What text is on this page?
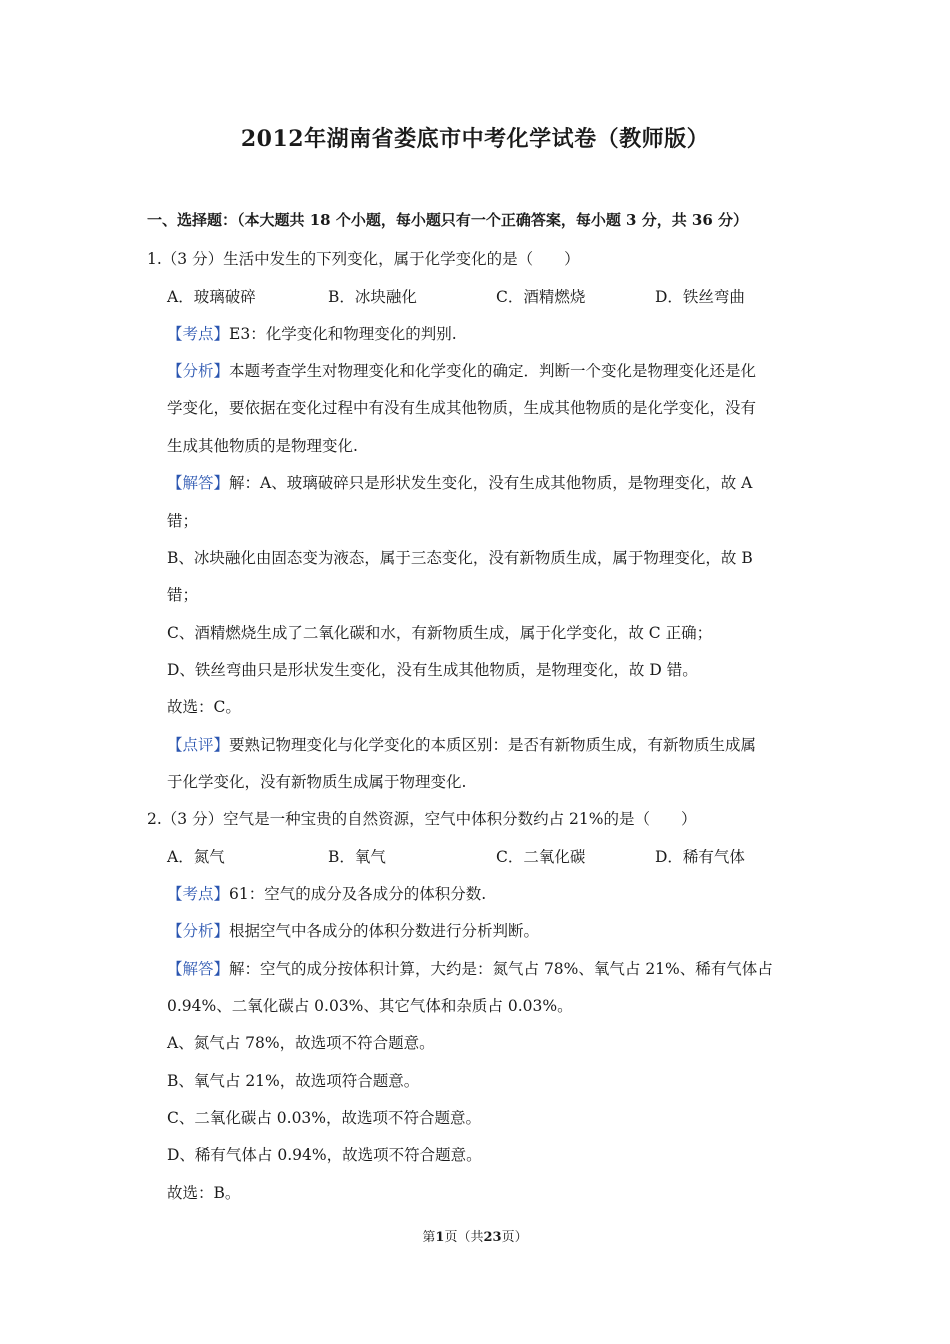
2012年湖南省娄底市中考化学试卷（教师版）
一、选择题：（本大题共 18 个小题，每小题只有一个正确答案，每小题 3 分，共 36 分）
1.（3 分）生活中发生的下列变化，属于化学变化的是（　　）
A．玻璃破碎	B．冰块融化	C．酒精燃烧	D．铁丝弯曲
【考点】E3：化学变化和物理变化的判别.
【分析】本题考查学生对物理变化和化学变化的确定．判断一个变化是物理变化还是化
学变化，要依据在变化过程中有没有生成其他物质，生成其他物质的是化学变化，没有
生成其他物质的是物理变化.
【解答】解：A、玻璃破碎只是形状发生变化，没有生成其他物质，是物理变化，故 A
错；
B、冰块融化由固态变为液态，属于三态变化，没有新物质生成，属于物理变化，故 B
错；
C、酒精燃烧生成了二氧化碳和水，有新物质生成，属于化学变化，故 C 正确；
D、铁丝弯曲只是形状发生变化，没有生成其他物质，是物理变化，故 D 错。
故选：C。
【点评】要熟记物理变化与化学变化的本质区别：是否有新物质生成，有新物质生成属
于化学变化，没有新物质生成属于物理变化.
2.（3 分）空气是一种宝贵的自然资源，空气中体积分数约占 21%的是（　　）
A．氮气	B．氧气	C．二氧化碳	D．稀有气体
【考点】61：空气的成分及各成分的体积分数.
【分析】根据空气中各成分的体积分数进行分析判断。
【解答】解：空气的成分按体积计算，大约是：氮气占 78%、氧气占 21%、稀有气体占
0.94%、二氧化碳占 0.03%、其它气体和杂质占 0.03%。
A、氮气占 78%，故选项不符合题意。
B、氧气占 21%，故选项符合题意。
C、二氧化碳占 0.03%，故选项不符合题意。
D、稀有气体占 0.94%，故选项不符合题意。
故选：B。
第1页（共23页）
